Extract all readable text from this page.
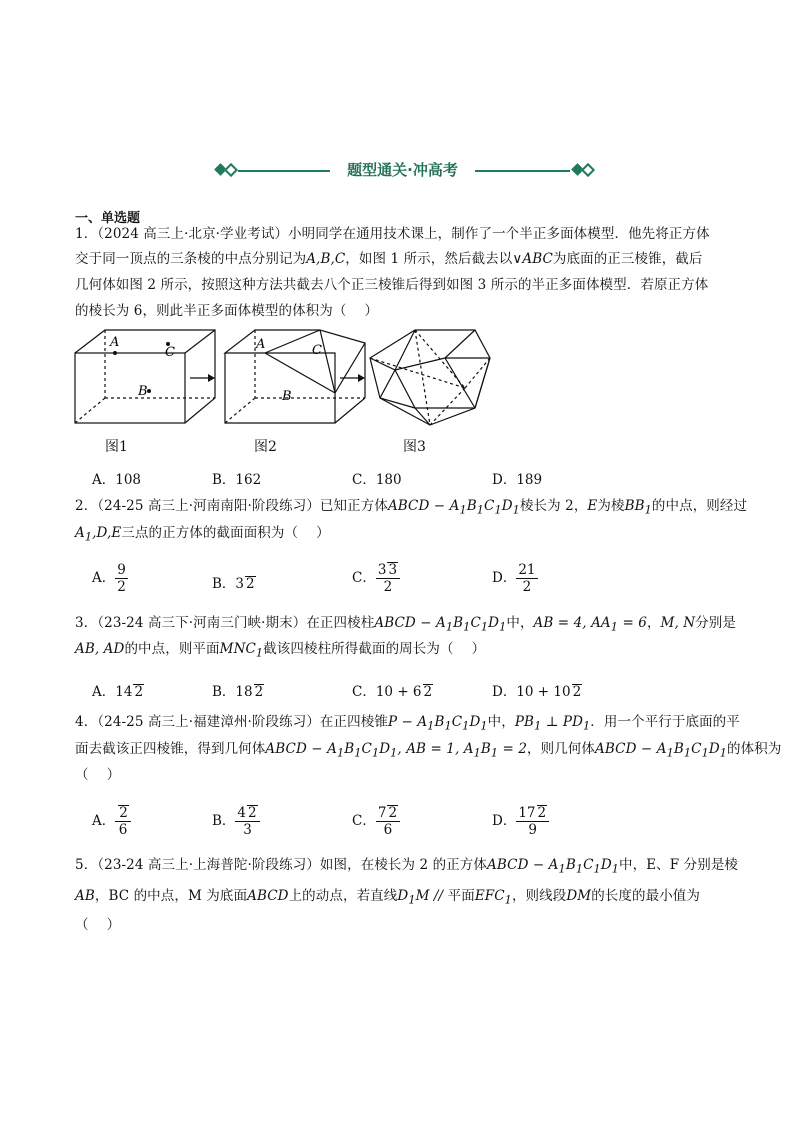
题型通关·冲高考
一、单选题
1．（2024 高三上·北京·学业考试）小明同学在通用技术课上，制作了一个半正多面体模型．他先将正方体
交于同一顶点的三条棱的中点分别记为A,B,C，如图 1 所示，然后截去以∨ABC为底面的正三棱锥，截后
几何体如图 2 所示，按照这种方法共截去八个正三棱锥后得到如图 3 所示的半正多面体模型．若原正方体
的棱长为 6，则此半正多面体模型的体积为（　 ）
A
C
B
A	C
B
图1	图2	图3
A．108	B．162	C．180	D．189
2．（24-25 高三上·河南南阳·阶段练习）已知正方体ABCD − $A_1B_1C_1D_1$棱长为 2，E为棱$BB_1$的中点，则经过
$A_1,D,E$三点的正方体的截面面积为（　 ）
A． $\frac{9}{2}$	B．3 2	C． $\frac{3 3}{2}$	D． $\frac{21}{2}$
3．（23-24 高三下·河南三门峡·期末）在正四棱柱ABCD − $A_1B_1C_1D_1$中，AB = 4, $AA_1 = 6$，M, N分别是
AB, AD的中点，则平面$MNC_1$截该四棱柱所得截面的周长为（　 ）
A．14 2	B．18 2	C．10 + 6 2	D．10 + 10 2
4．（24-25 高三上·福建漳州·阶段练习）在正四棱锥$P - A_1B_1C_1D_1$中，$PB_1$ ⊥ $PD_1$．用一个平行于底面的平
面去截该正四棱锥，得到几何体ABCD − $A_1B_1C_1D_1$, AB = 1, $A_1B_1 = 2$，则几何体ABCD − $A_1B_1C_1D_1$的体积为
（　 ）
A． $\frac{2}{6}$	B． $\frac{4 2}{3}$	C． $\frac{7 2}{6}$	D． $\frac{17 2}{9}$
5．（23-24 高三上·上海普陀·阶段练习）如图，在棱长为 2 的正方体ABCD − $A_1B_1C_1D_1$中，E、F 分别是棱
AB，BC 的中点，M 为底面ABCD上的动点，若直线$D_1M$ // 平面$EFC_1$，则线段DM的长度的最小值为
（　 ）
